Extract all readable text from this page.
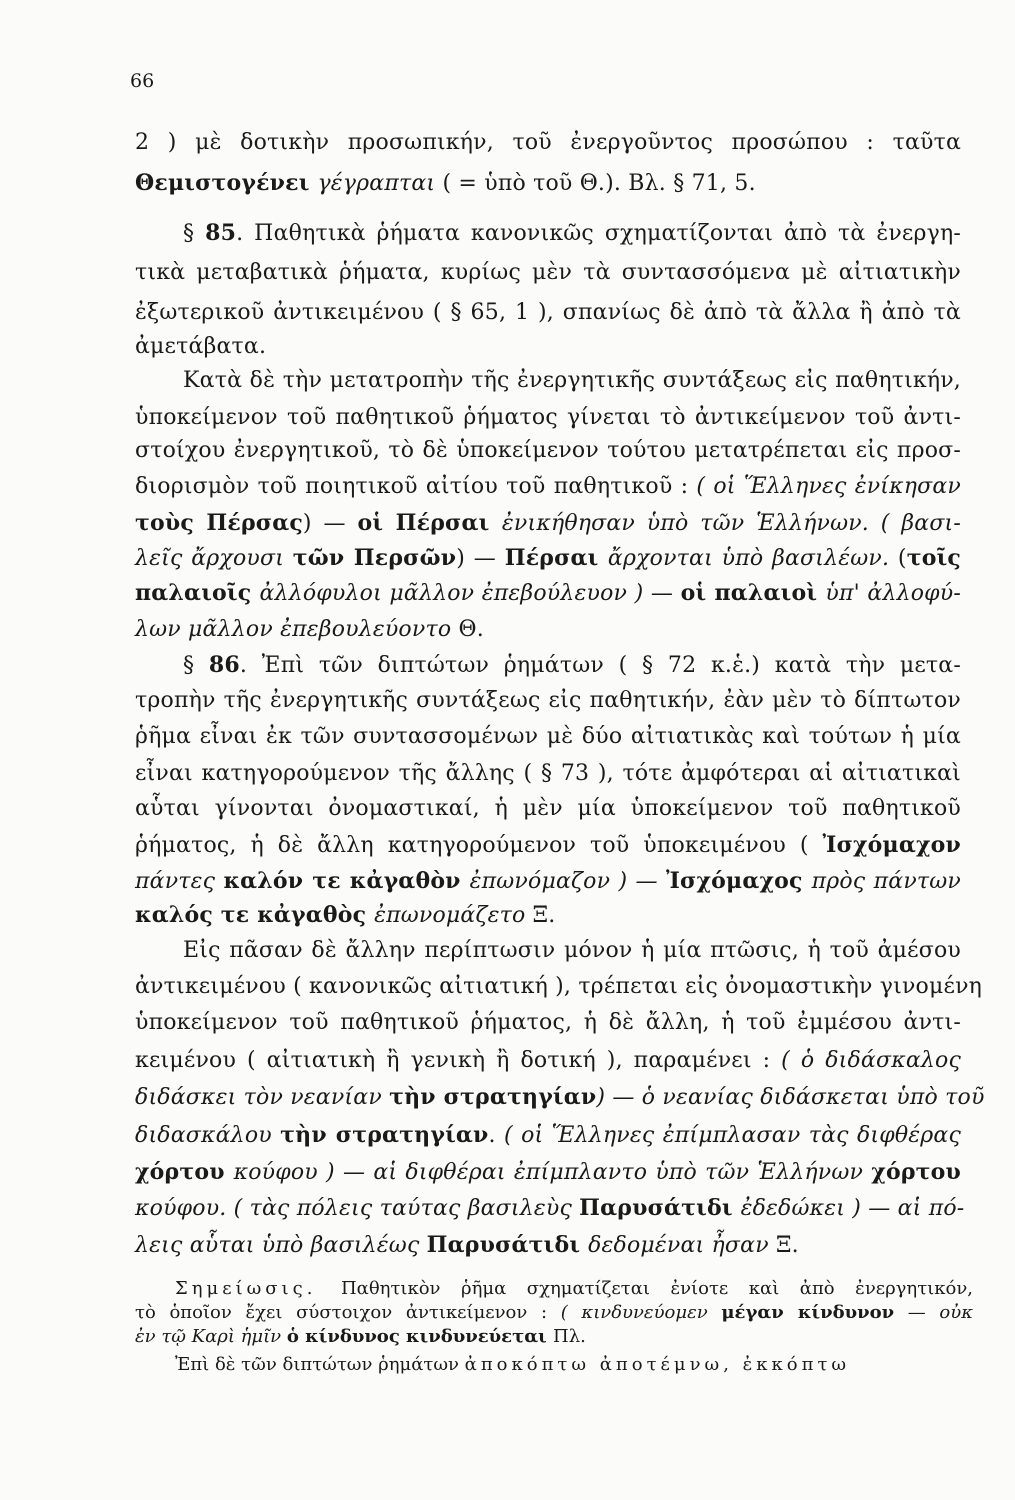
66
2 ) μὲ δοτικὴν προσωπικήν, τοῦ ἐνεργοῦντος προσώπου : ταῦτα
Θεμιστογένει γέγραπται ( = ὑπὸ τοῦ Θ.). Βλ. § 71, 5.
§ 85. Παθητικὰ ῥήματα κανονικῶς σχηματίζονται ἀπὸ τὰ ἐνεργη-
τικὰ μεταβατικὰ ῥήματα, κυρίως μὲν τὰ συντασσόμενα μὲ αἰτιατικὴν
ἐξωτερικοῦ ἀντικειμένου ( § 65, 1 ), σπανίως δὲ ἀπὸ τὰ ἄλλα ἢ ἀπὸ τὰ
ἀμετάβατα.
Κατὰ δὲ τὴν μετατροπὴν τῆς ἐνεργητικῆς συντάξεως εἰς παθητικήν,
ὑποκείμενον τοῦ παθητικοῦ ῥήματος γίνεται τὸ ἀντικείμενον τοῦ ἀντι-
στοίχου ἐνεργητικοῦ, τὸ δὲ ὑποκείμενον τούτου μετατρέπεται εἰς προσ-
διορισμὸν τοῦ ποιητικοῦ αἰτίου τοῦ παθητικοῦ : ( οἱ Ἕλληνες ἐνίκησαν
τοὺς Πέρσας) — οἱ Πέρσαι ἐνικήθησαν ὑπὸ τῶν Ἑλλήνων. ( βασι-
λεῖς ἄρχουσι τῶν Περσῶν) — Πέρσαι ἄρχονται ὑπὸ βασιλέων. (τοῖς
παλαιοῖς ἀλλόφυλοι μᾶλλον ἐπεβούλευον ) — οἱ παλαιοὶ ὑπ' ἀλλοφύ-
λων μᾶλλον ἐπεβουλεύοντο Θ.
§ 86. Ἐπὶ τῶν διπτώτων ῥημάτων ( § 72 κ.ἑ.) κατὰ τὴν μετα-
τροπὴν τῆς ἐνεργητικῆς συντάξεως εἰς παθητικήν, ἐὰν μὲν τὸ δίπτωτον
ῥῆμα εἶναι ἐκ τῶν συντασσομένων μὲ δύο αἰτιατικὰς καὶ τούτων ἡ μία
εἶναι κατηγορούμενον τῆς ἄλλης ( § 73 ), τότε ἀμφότεραι αἱ αἰτιατικαὶ
αὗται γίνονται ὀνομαστικαί, ἡ μὲν μία ὑποκείμενον τοῦ παθητικοῦ
ῥήματος, ἡ δὲ ἄλλη κατηγορούμενον τοῦ ὑποκειμένου ( Ἰσχόμαχον
πάντες καλόν τε κἀγαθὸν ἐπωνόμαζον ) — Ἰσχόμαχος πρὸς πάντων
καλός τε κἀγαθὸς ἐπωνομάζετο Ξ.
Εἰς πᾶσαν δὲ ἄλλην περίπτωσιν μόνον ἡ μία πτῶσις, ἡ τοῦ ἀμέσου
ἀντικειμένου ( κανονικῶς αἰτιατική ), τρέπεται εἰς ὀνομαστικὴν γινομένη
ὑποκείμενον τοῦ παθητικοῦ ῥήματος, ἡ δὲ ἄλλη, ἡ τοῦ ἐμμέσου ἀντι-
κειμένου ( αἰτιατικὴ ἢ γενικὴ ἢ δοτική ), παραμένει : ( ὁ διδάσκαλος
διδάσκει τὸν νεανίαν τὴν στρατηγίαν) — ὁ νεανίας διδάσκεται ὑπὸ τοῦ
διδασκάλου τὴν στρατηγίαν. ( οἱ Ἕλληνες ἐπίμπλασαν τὰς διφθέρας
χόρτου κούφου ) — αἱ διφθέραι ἐπίμπλαντο ὑπὸ τῶν Ἑλλήνων χόρτου
κούφου. ( τὰς πόλεις ταύτας βασιλεὺς Παρυσάτιδι ἐδεδώκει ) — αἱ πό-
λεις αὗται ὑπὸ βασιλέως Παρυσάτιδι δεδομέναι ἦσαν Ξ.
Σημείωσις. Παθητικὸν ῥῆμα σχηματίζεται ἐνίοτε καὶ ἀπὸ ἐνεργητικόν,
τὸ ὁποῖον ἔχει σύστοιχον ἀντικείμενον : ( κινδυνεύομεν μέγαν κίνδυνον — οὐκ
ἐν τῷ Καρὶ ἡμῖν ὁ κίνδυνος κινδυνεύεται Πλ.
Ἐπὶ δὲ τῶν διπτώτων ῥημάτων ἀποκόπτω ἀποτέμνω, ἐκκόπτω
